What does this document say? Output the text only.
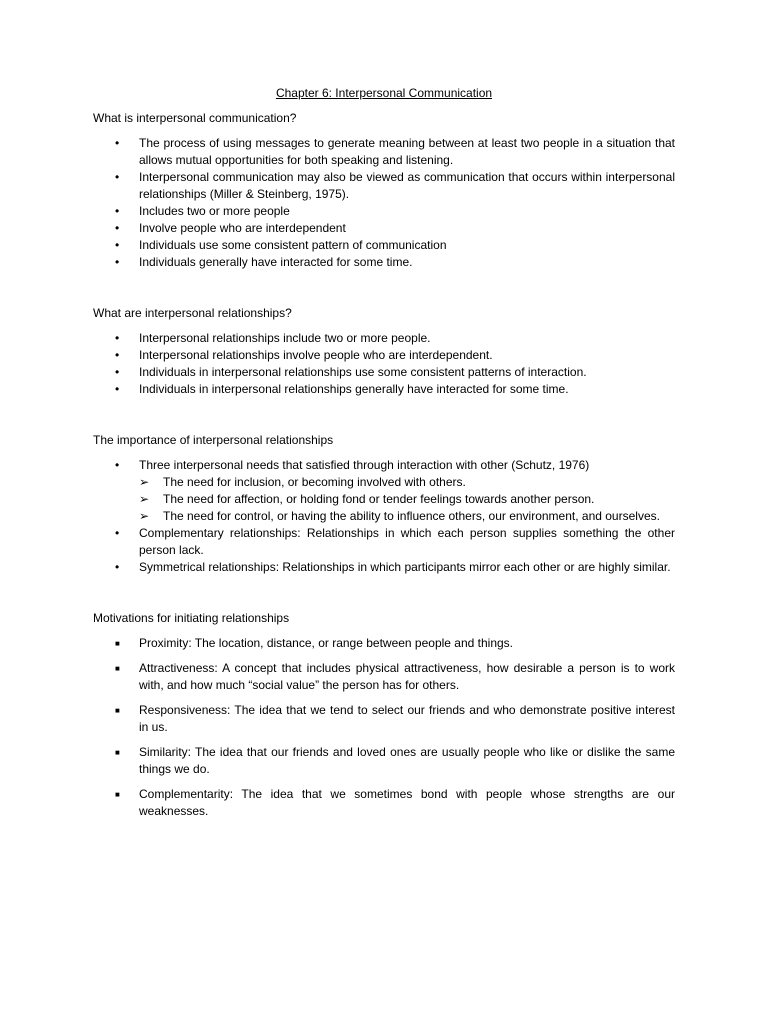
Chapter 6: Interpersonal Communication
What is interpersonal communication?
•	The process of using messages to generate meaning between at least two people in a situation that allows mutual opportunities for both speaking and listening.
•	Interpersonal communication may also be viewed as communication that occurs within interpersonal relationships (Miller & Steinberg, 1975).
•	Includes two or more people
•	Involve people who are interdependent
•	Individuals use some consistent pattern of communication
•	Individuals generally have interacted for some time.
What are interpersonal relationships?
•	Interpersonal relationships include two or more people.
•	Interpersonal relationships involve people who are interdependent.
•	Individuals in interpersonal relationships use some consistent patterns of interaction.
•	Individuals in interpersonal relationships generally have interacted for some time.
The importance of interpersonal relationships
•	Three interpersonal needs that satisfied through interaction with other (Schutz, 1976)
➢	The need for inclusion, or becoming involved with others.
➢	The need for affection, or holding fond or tender feelings towards another person.
➢	The need for control, or having the ability to influence others, our environment, and ourselves.
•	Complementary relationships: Relationships in which each person supplies something the other person lack.
•	Symmetrical relationships: Relationships in which participants mirror each other or are highly similar.
Motivations for initiating relationships
■	Proximity: The location, distance, or range between people and things.
■	Attractiveness: A concept that includes physical attractiveness, how desirable a person is to work with, and how much “social value” the person has for others.
■	Responsiveness: The idea that we tend to select our friends and who demonstrate positive interest in us.
■	Similarity: The idea that our friends and loved ones are usually people who like or dislike the same things we do.
■	Complementarity: The idea that we sometimes bond with people whose strengths are our weaknesses.
